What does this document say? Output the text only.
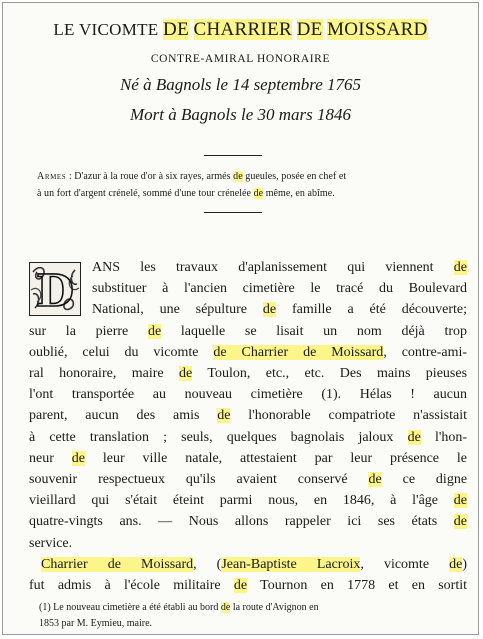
LE VICOMTE DE CHARRIER DE MOISSARD
CONTRE-AMIRAL HONORAIRE
Né à Bagnols le 14 septembre 1765
Mort à Bagnols le 30 mars 1846
Armes : D'azur à la roue d'or à six rayes, armés de gueules, posée en chef et
à un fort d'argent crénelé, sommé d'une tour crénelée de même, en abîme.
D	ANS les travaux d'aplanissement qui viennent de
substituer à l'ancien cimetière le tracé du Boulevard
National, une sépulture de famille a été découverte;
sur la pierre de laquelle se lisait un nom déjà trop
oublié, celui du vicomte de Charrier de Moissard, contre-ami-
ral honoraire, maire de Toulon, etc., etc. Des mains pieuses
l'ont transportée au nouveau cimetière (1). Hélas ! aucun
parent, aucun des amis de l'honorable compatriote n'assistait
à cette translation ; seuls, quelques bagnolais jaloux de l'hon-
neur de leur ville natale, attestaient par leur présence le
souvenir respectueux qu'ils avaient conservé de ce digne
vieillard qui s'était éteint parmi nous, en 1846, à l'âge de
quatre-vingts ans. — Nous allons rappeler ici ses états de
service.
Charrier de Moissard, (Jean-Baptiste Lacroix, vicomte de)
fut admis à l'école militaire de Tournon en 1778 et en sortit
(1) Le nouveau cimetière a été établi au bord de la route d'Avignon en
1853 par M. Eymieu, maire.
